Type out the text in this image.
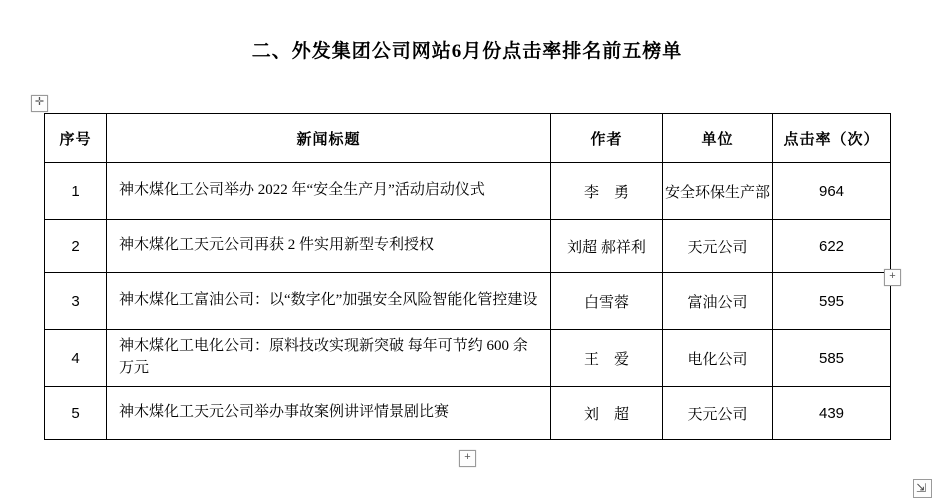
二、外发集团公司网站6月份点击率排名前五榜单
序号	新闻标题	作者	单位	点击率（次）
1	神木煤化工公司举办 2022 年“安全生产月”活动启动仪式	李　勇	安全环保生产部	964
2	神木煤化工天元公司再获 2 件实用新型专利授权	刘超 郝祥利	天元公司	622
3	神木煤化工富油公司：以“数字化”加强安全风险智能化管控建设	白雪蓉	富油公司	595
4	神木煤化工电化公司：原料技改实现新突破 每年可节约 600 余万元	王　爱	电化公司	585
5	神木煤化工天元公司举办事故案例讲评情景剧比赛	刘　超	天元公司	439
✛
+
+
⇲
